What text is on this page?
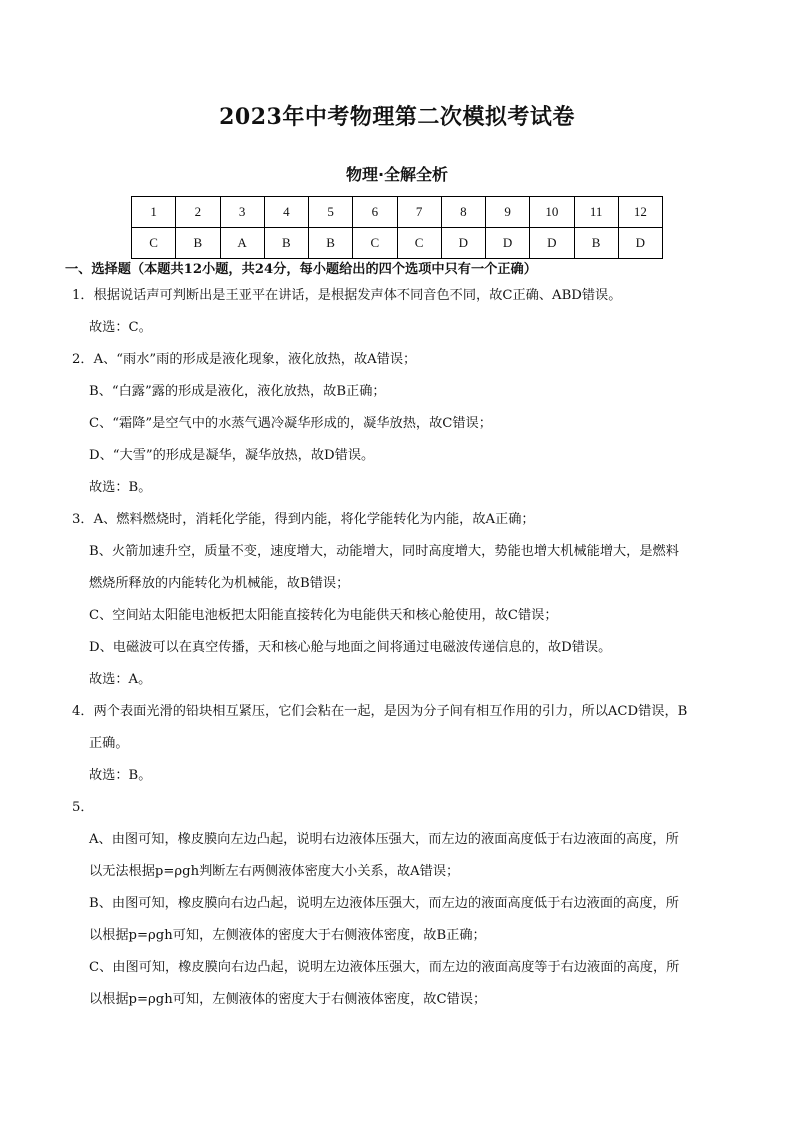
2023年中考物理第二次模拟考试卷
物理·全解全析
1	2	3	4	5	6	7	8	9	10	11	12
C	B	A	B	B	C	C	D	D	D	B	D
一、选择题（本题共12小题，共24分，每小题给出的四个选项中只有一个正确）
1．根据说话声可判断出是王亚平在讲话，是根据发声体不同音色不同，故C正确、ABD错误。
故选：C。
2．A、“雨水”雨的形成是液化现象，液化放热，故A错误；
B、“白露”露的形成是液化，液化放热，故B正确；
C、“霜降”是空气中的水蒸气遇冷凝华形成的，凝华放热，故C错误；
D、“大雪”的形成是凝华，凝华放热，故D错误。
故选：B。
3．A、燃料燃烧时，消耗化学能，得到内能，将化学能转化为内能，故A正确；
B、火箭加速升空，质量不变，速度增大，动能增大，同时高度增大，势能也增大机械能增大，是燃料
燃烧所释放的内能转化为机械能，故B错误；
C、空间站太阳能电池板把太阳能直接转化为电能供天和核心舱使用，故C错误；
D、电磁波可以在真空传播，天和核心舱与地面之间将通过电磁波传递信息的，故D错误。
故选：A。
4．两个表面光滑的铅块相互紧压，它们会粘在一起，是因为分子间有相互作用的引力，所以ACD错误，B
正确。
故选：B。
5．
A、由图可知，橡皮膜向左边凸起，说明右边液体压强大，而左边的液面高度低于右边液面的高度，所
以无法根据p=ρgh判断左右两侧液体密度大小关系，故A错误；
B、由图可知，橡皮膜向右边凸起，说明左边液体压强大，而左边的液面高度低于右边液面的高度，所
以根据p=ρgh可知，左侧液体的密度大于右侧液体密度，故B正确；
C、由图可知，橡皮膜向右边凸起，说明左边液体压强大，而左边的液面高度等于右边液面的高度，所
以根据p=ρgh可知，左侧液体的密度大于右侧液体密度，故C错误；
